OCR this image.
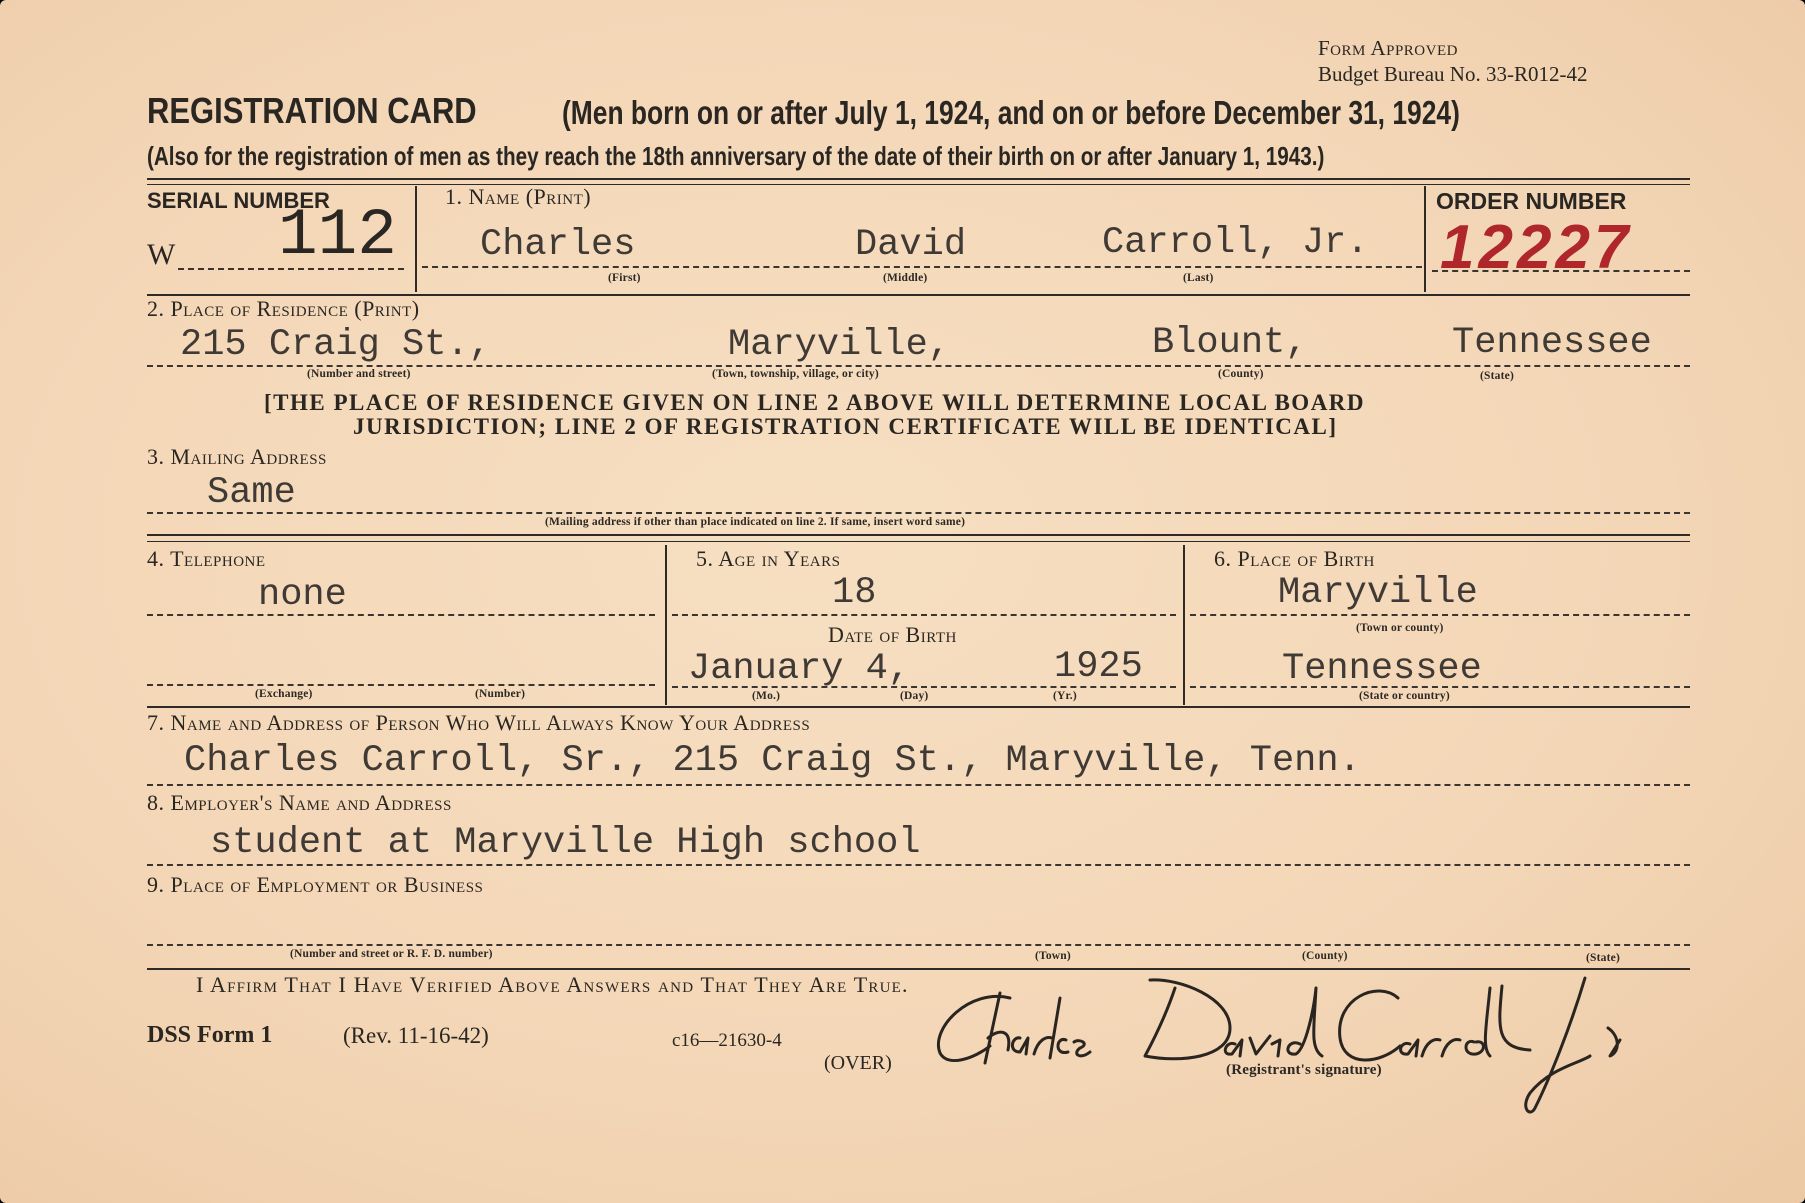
Form Approved
Budget Bureau No. 33-R012-42
REGISTRATION CARD	(Men born on or after July 1, 1924, and on or before December 31, 1924)
(Also for the registration of men as they reach the 18th anniversary of the date of their birth on or after January 1, 1943.)
SERIAL NUMBER
W 112
1. Name (Print)
Charles	David	Carroll, Jr.
(First)	(Middle)	(Last)
ORDER NUMBER
12227
2. Place of Residence (Print)
215 Craig St.,	Maryville,	Blount,	Tennessee
(Number and street)	(Town, township, village, or city)	(County)	(State)
[THE PLACE OF RESIDENCE GIVEN ON LINE 2 ABOVE WILL DETERMINE LOCAL BOARD
JURISDICTION; LINE 2 OF REGISTRATION CERTIFICATE WILL BE IDENTICAL]
3. Mailing Address
Same
(Mailing address if other than place indicated on line 2. If same, insert word same)
4. Telephone
none
(Exchange)	(Number)
5. Age in Years
18
Date of Birth
January 4,	1925
(Mo.)	(Day)	(Yr.)
6. Place of Birth
Maryville
(Town or county)
Tennessee
(State or country)
7. Name and Address of Person Who Will Always Know Your Address
Charles Carroll, Sr., 215 Craig St., Maryville, Tenn.
8. Employer's Name and Address
student at Maryville High school
9. Place of Employment or Business
(Number and street or R. F. D. number)	(Town)	(County)	(State)
I Affirm That I Have Verified Above Answers and That They Are True.
DSS Form 1	(Rev. 11-16-42)	c16—21630-4
(OVER)	(Registrant's signature)
